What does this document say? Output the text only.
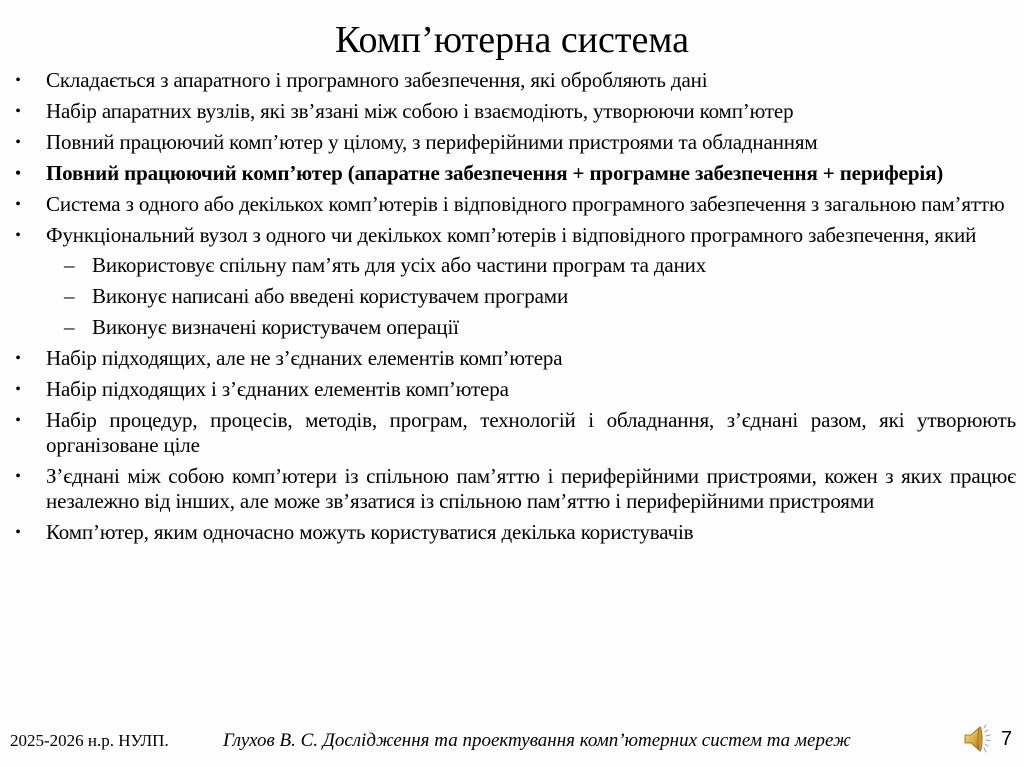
Комп’ютерна система
•	Складається з апаратного і програмного забезпечення, які обробляють дані
•	Набір апаратних вузлів, які зв’язані між собою і взаємодіють, утворюючи комп’ютер
•	Повний працюючий комп’ютер у цілому, з периферійними пристроями та обладнанням
•	Повний працюючий комп’ютер (апаратне забезпечення + програмне забезпечення + периферія)
•	Система з одного або декількох комп’ютерів і відповідного програмного забезпечення з загальною пам’яттю
•	Функціональний вузол з одного чи декількох комп’ютерів і відповідного програмного забезпечення, який
– Використовує спільну пам’ять для усіх або частини програм та даних
– Виконує написані або введені користувачем програми
– Виконує визначені користувачем операції
•	Набір підходящих, але не з’єднаних елементів комп’ютера
•	Набір підходящих і з’єднаних елементів комп’ютера
•	Набір процедур, процесів, методів, програм, технологій і обладнання, з’єднані разом, які утворюють організоване ціле
•	З’єднані між собою комп’ютери із спільною пам’яттю і периферійними пристроями, кожен з яких працює незалежно від інших, але може зв’язатися із спільною пам’яттю і периферійними пристроями
•	Комп’ютер, яким одночасно можуть користуватися декілька користувачів
2025-2026 н.р. НУЛП.	Глухов В. С. Дослідження та проектування комп’ютерних систем та мереж	7
